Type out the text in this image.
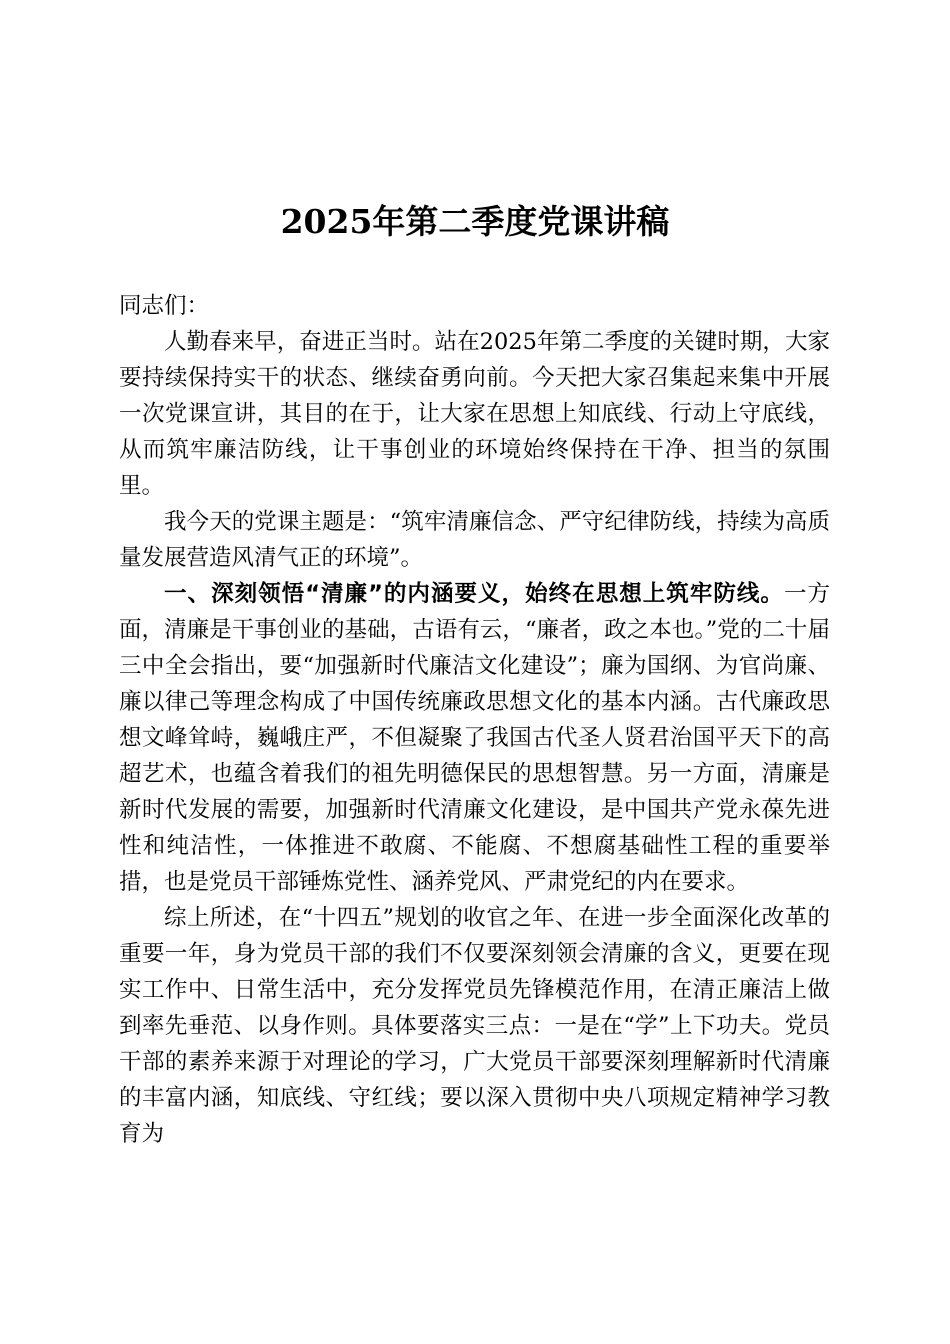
2025年第二季度党课讲稿

同志们：

人勤春来早，奋进正当时。站在2025年第二季度的关键时期，大家要持续保持实干的状态、继续奋勇向前。今天把大家召集起来集中开展一次党课宣讲，其目的在于，让大家在思想上知底线、行动上守底线，从而筑牢廉洁防线，让干事创业的环境始终保持在干净、担当的氛围里。

我今天的党课主题是：“筑牢清廉信念、严守纪律防线，持续为高质量发展营造风清气正的环境”。

一、深刻领悟“清廉”的内涵要义，始终在思想上筑牢防线。一方面，清廉是干事创业的基础，古语有云，“廉者，政之本也。”党的二十届三中全会指出，要“加强新时代廉洁文化建设”；廉为国纲、为官尚廉、廉以律己等理念构成了中国传统廉政思想文化的基本内涵。古代廉政思想文峰耸峙，巍峨庄严，不但凝聚了我国古代圣人贤君治国平天下的高超艺术，也蕴含着我们的祖先明德保民的思想智慧。另一方面，清廉是新时代发展的需要，加强新时代清廉文化建设，是中国共产党永葆先进性和纯洁性，一体推进不敢腐、不能腐、不想腐基础性工程的重要举措，也是党员干部锤炼党性、涵养党风、严肃党纪的内在要求。

综上所述，在“十四五”规划的收官之年、在进一步全面深化改革的重要一年，身为党员干部的我们不仅要深刻领会清廉的含义，更要在现实工作中、日常生活中，充分发挥党员先锋模范作用，在清正廉洁上做到率先垂范、以身作则。具体要落实三点：一是在“学”上下功夫。党员干部的素养来源于对理论的学习，广大党员干部要深刻理解新时代清廉的丰富内涵，知底线、守红线；要以深入贯彻中央八项规定精神学习教育为
